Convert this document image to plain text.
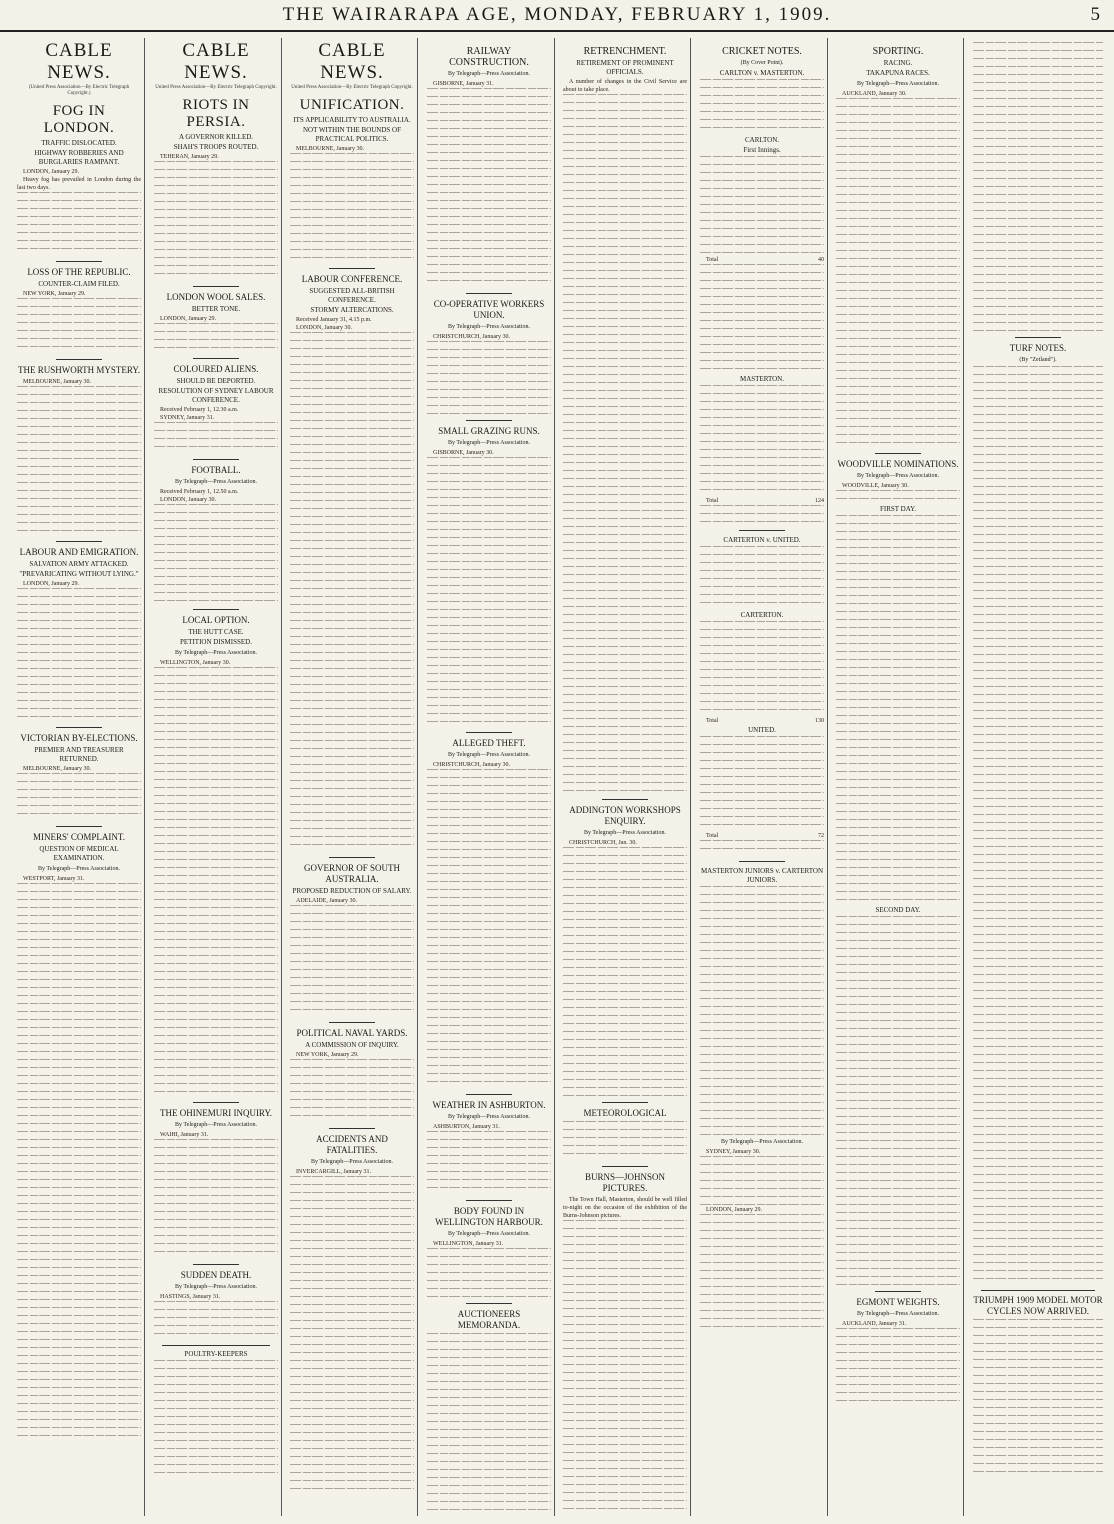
THE WAIRARAPA AGE, MONDAY, FEBRUARY 1, 1909.	5
CABLE NEWS.
(United Press Association—By Electric Telegraph Copyright.)
FOG IN LONDON.
TRAFFIC DISLOCATED.
HIGHWAY ROBBERIES AND BURGLARIES RAMPANT.
LONDON, January 29.
Heavy fog has prevailed in London during the last two days.
LOSS OF THE REPUBLIC.
COUNTER-CLAIM FILED.
NEW YORK, January 29.
THE RUSHWORTH MYSTERY.
MELBOURNE, January 30.
LABOUR AND EMIGRATION.
SALVATION ARMY ATTACKED.
"PREVARICATING WITHOUT LYING."
LONDON, January 29.
VICTORIAN BY-ELECTIONS.
PREMIER AND TREASURER RETURNED.
MELBOURNE, January 30.
MINERS' COMPLAINT.
QUESTION OF MEDICAL EXAMINATION.
By Telegraph—Press Association.
WESTPORT, January 31.
CABLE NEWS.
United Press Association—By Electric Telegraph Copyright.
RIOTS IN PERSIA.
A GOVERNOR KILLED.
SHAH'S TROOPS ROUTED.
TEHERAN, January 29.
LONDON WOOL SALES.
BETTER TONE.
LONDON, January 29.
COLOURED ALIENS.
SHOULD BE DEPORTED.
RESOLUTION OF SYDNEY LABOUR CONFERENCE.
Received February 1, 12.30 a.m.
SYDNEY, January 31.
FOOTBALL.
By Telegraph—Press Association.
Received February 1, 12.50 a.m.
LONDON, January 30.
LOCAL OPTION.
THE HUTT CASE.
PETITION DISMISSED.
By Telegraph—Press Association.
WELLINGTON, January 30.
THE OHINEMURI INQUIRY.
By Telegraph—Press Association.
WAIHI, January 31.
SUDDEN DEATH.
By Telegraph—Press Association.
HASTINGS, January 31.
POULTRY-KEEPERS
CABLE NEWS.
United Press Association—By Electric Telegraph Copyright.
UNIFICATION.
ITS APPLICABILITY TO AUSTRALIA.
NOT WITHIN THE BOUNDS OF PRACTICAL POLITICS.
MELBOURNE, January 30.
LABOUR CONFERENCE.
SUGGESTED ALL-BRITISH CONFERENCE.
STORMY ALTERCATIONS.
Received January 31, 4.15 p.m.
LONDON, January 30.
GOVERNOR OF SOUTH AUSTRALIA.
PROPOSED REDUCTION OF SALARY.
ADELAIDE, January 30.
POLITICAL NAVAL YARDS.
A COMMISSION OF INQUIRY.
NEW YORK, January 29.
ACCIDENTS AND FATALITIES.
By Telegraph—Press Association.
INVERCARGILL, January 31.
RAILWAY CONSTRUCTION.
By Telegraph—Press Association.
GISBORNE, January 31.
CO-OPERATIVE WORKERS UNION.
By Telegraph—Press Association.
CHRISTCHURCH, January 30.
SMALL GRAZING RUNS.
By Telegraph—Press Association.
GISBORNE, January 30.
ALLEGED THEFT.
By Telegraph—Press Association.
CHRISTCHURCH, January 30.
WEATHER IN ASHBURTON.
By Telegraph—Press Association.
ASHBURTON, January 31.
BODY FOUND IN WELLINGTON HARBOUR.
By Telegraph—Press Association.
WELLINGTON, January 31.
AUCTIONEERS MEMORANDA.
RETRENCHMENT.
RETIREMENT OF PROMINENT OFFICIALS.
A number of changes in the Civil Service are about to take place.
ADDINGTON WORKSHOPS ENQUIRY.
By Telegraph—Press Association.
CHRISTCHURCH, Jan. 30.
METEOROLOGICAL
BURNS—JOHNSON PICTURES.
The Town Hall, Masterton, should be well filled to-night on the occasion of the exhibition of the Burns-Johnson pictures.
CRICKET NOTES.
(By Cover Point).
CARLTON v. MASTERTON.
CARLTON.
First Innings.
Total	40
MASTERTON.
Total	124
CARTERTON v. UNITED.
CARTERTON.
Total	130
UNITED.
Total	72
MASTERTON JUNIORS v. CARTERTON JUNIORS.
By Telegraph—Press Association.
SYDNEY, January 30.
LONDON, January 29.
SPORTING.
RACING.
TAKAPUNA RACES.
By Telegraph—Press Association.
AUCKLAND, January 30.
WOODVILLE NOMINATIONS.
By Telegraph—Press Association.
WOODVILLE, January 30.
FIRST DAY.
SECOND DAY.
EGMONT WEIGHTS.
By Telegraph—Press Association.
AUCKLAND, January 31.
TURF NOTES.
(By "Zetland").
TRIUMPH 1909 MODEL MOTOR CYCLES NOW ARRIVED.
